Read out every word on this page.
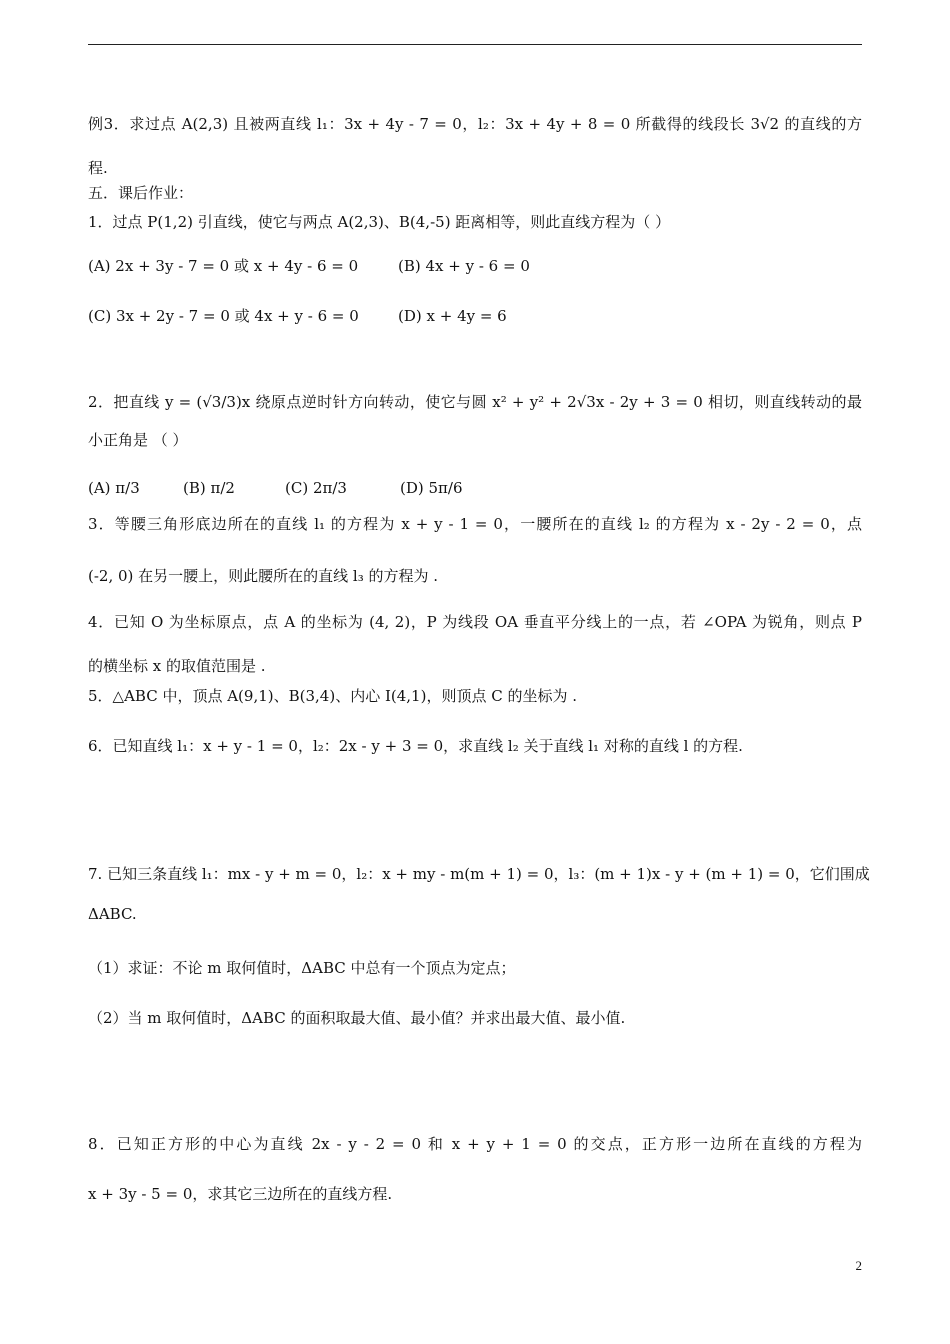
例3．求过点 A(2,3) 且被两直线 l₁：3x + 4y - 7 = 0，l₂：3x + 4y + 8 = 0 所截得的线段长 3√2 的直线的方
程.
五．课后作业：
1．过点 P(1,2) 引直线，使它与两点 A(2,3)、B(4,-5) 距离相等，则此直线方程为（ ）
(A) 2x + 3y - 7 = 0 或 x + 4y - 6 = 0	(B) 4x + y - 6 = 0
(C) 3x + 2y - 7 = 0 或 4x + y - 6 = 0	(D) x + 4y = 6
2．把直线 y = (√3/3)x 绕原点逆时针方向转动，使它与圆 x² + y² + 2√3x - 2y + 3 = 0 相切，则直线转动的最
小正角是 （ ）
(A) π/3	(B) π/2	(C) 2π/3	(D) 5π/6
3．等腰三角形底边所在的直线 l₁ 的方程为 x + y - 1 = 0，一腰所在的直线 l₂ 的方程为 x - 2y - 2 = 0，点
(-2, 0) 在另一腰上，则此腰所在的直线 l₃ 的方程为 .
4．已知 O 为坐标原点，点 A 的坐标为 (4, 2)，P 为线段 OA 垂直平分线上的一点，若 ∠OPA 为锐角，则点 P
的横坐标 x 的取值范围是 .
5．△ABC 中，顶点 A(9,1)、B(3,4)、内心 I(4,1)，则顶点 C 的坐标为 .
6．已知直线 l₁：x + y - 1 = 0，l₂：2x - y + 3 = 0，求直线 l₂ 关于直线 l₁ 对称的直线 l 的方程.
7. 已知三条直线 l₁：mx - y + m = 0，l₂：x + my - m(m + 1) = 0，l₃：(m + 1)x - y + (m + 1) = 0，它们围成
ΔABC.
（1）求证：不论 m 取何值时，ΔABC 中总有一个顶点为定点；
（2）当 m 取何值时，ΔABC 的面积取最大值、最小值？并求出最大值、最小值.
8．已知正方形的中心为直线 2x - y - 2 = 0 和 x + y + 1 = 0 的交点，正方形一边所在直线的方程为
x + 3y - 5 = 0，求其它三边所在的直线方程.
2
